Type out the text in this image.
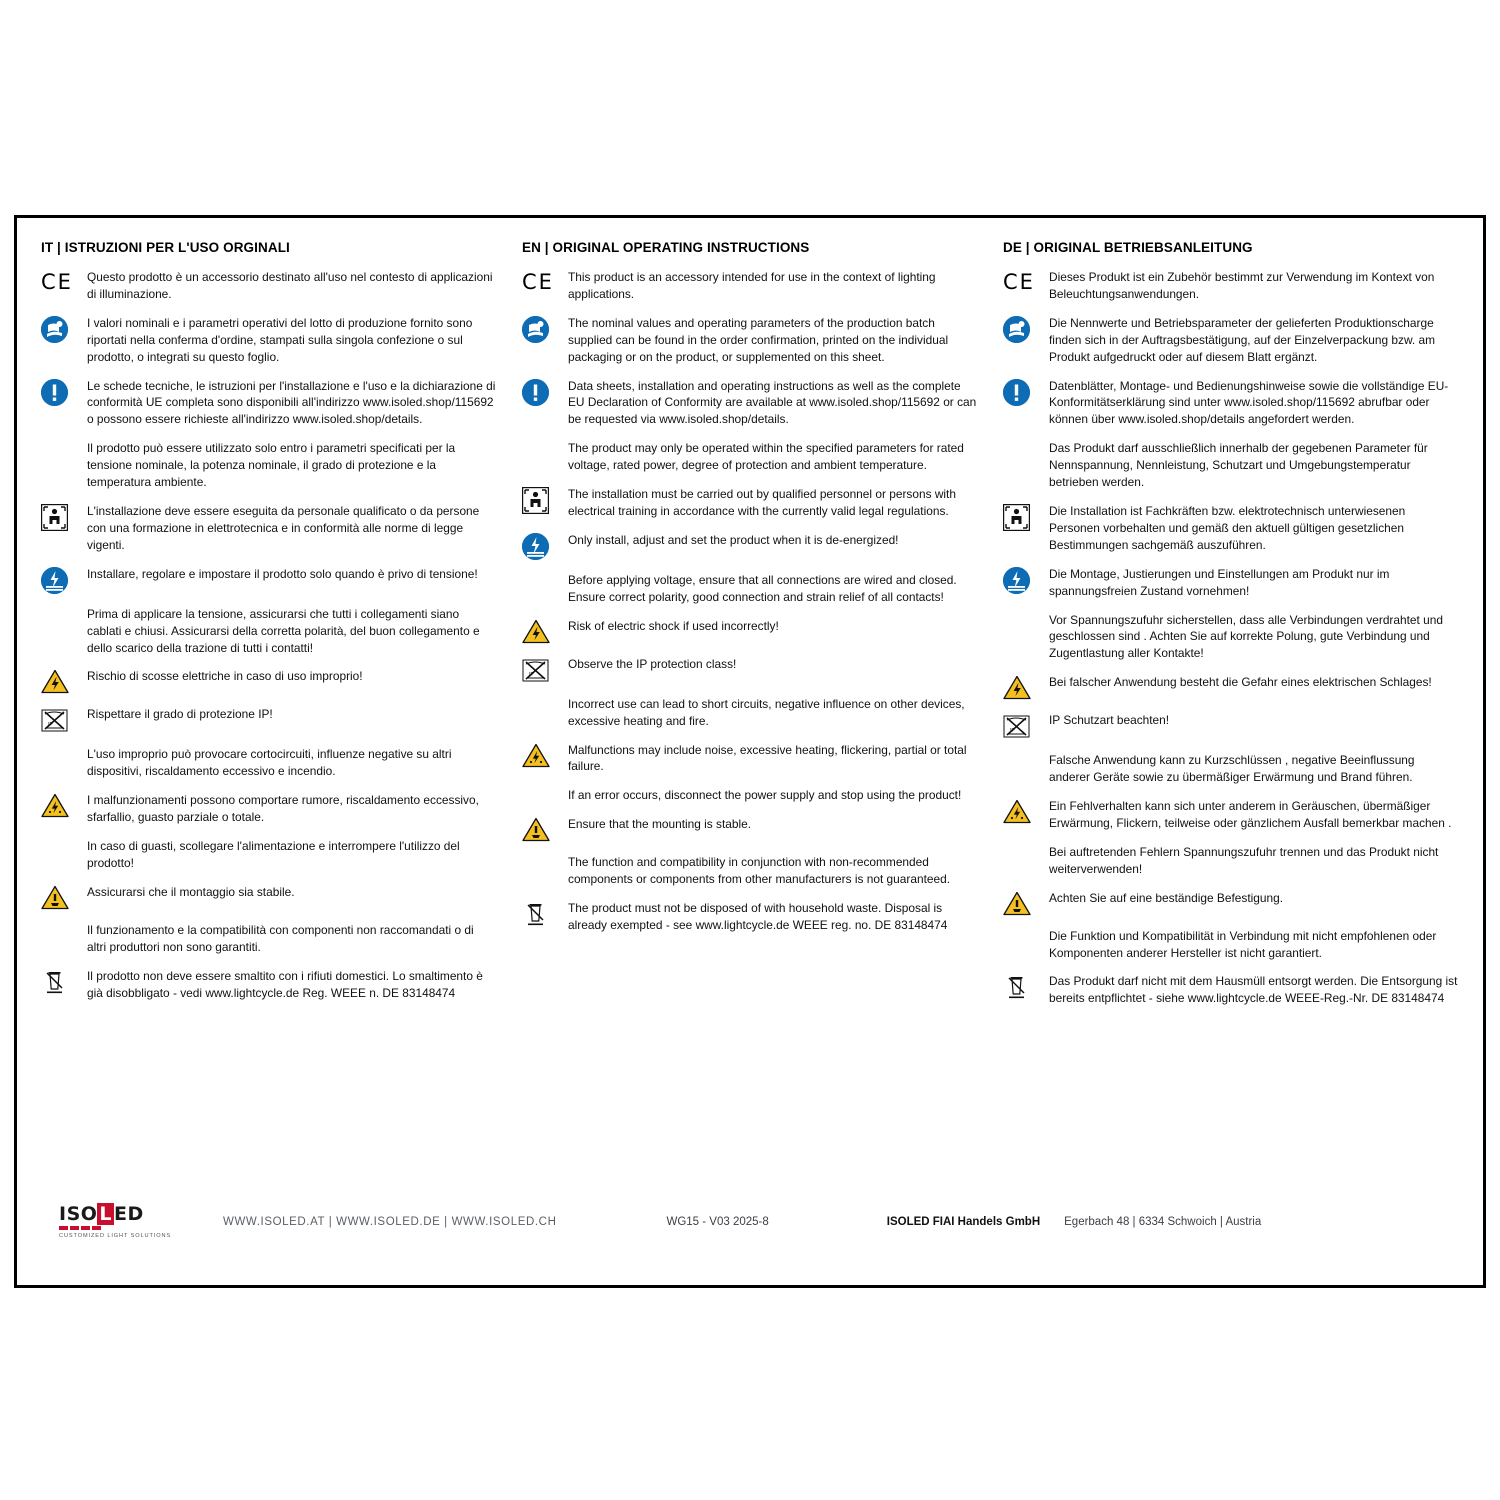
IT | ISTRUZIONI PER L'USO ORGINALI
CE Questo prodotto è un accessorio destinato all'uso nel contesto di applicazioni di illuminazione.
I valori nominali e i parametri operativi del lotto di produzione fornito sono riportati nella conferma d'ordine, stampati sulla singola confezione o sul prodotto, o integrati su questo foglio.
Le schede tecniche, le istruzioni per l'installazione e l'uso e la dichiarazione di conformità UE completa sono disponibili all'indirizzo www.isoled.shop/115692 o possono essere richieste all'indirizzo www.isoled.shop/details.
Il prodotto può essere utilizzato solo entro i parametri specificati per la tensione nominale, la potenza nominale, il grado di protezione e la temperatura ambiente.
L'installazione deve essere eseguita da personale qualificato o da persone con una formazione in elettrotecnica e in conformità alle norme di legge vigenti.
Installare, regolare e impostare il prodotto solo quando è privo di tensione!
Prima di applicare la tensione, assicurarsi che tutti i collegamenti siano cablati e chiusi. Assicurarsi della corretta polarità, del buon collegamento e dello scarico della trazione di tutti i contatti!
Rischio di scosse elettriche in caso di uso improprio!
IP
Rispettare il grado di protezione IP!
L'uso improprio può provocare cortocircuiti, influenze negative su altri dispositivi, riscaldamento eccessivo e incendio.
I malfunzionamenti possono comportare rumore, riscaldamento eccessivo, sfarfallio, guasto parziale o totale.
In caso di guasti, scollegare l'alimentazione e interrompere l'utilizzo del prodotto!
Assicurarsi che il montaggio sia stabile.
Il funzionamento e la compatibilità con componenti non raccomandati o di altri produttori non sono garantiti.
Il prodotto non deve essere smaltito con i rifiuti domestici. Lo smaltimento è già disobbligato - vedi www.lightcycle.de Reg. WEEE n. DE 83148474
EN | ORIGINAL OPERATING INSTRUCTIONS
CE This product is an accessory intended for use in the context of lighting applications.
The nominal values and operating parameters of the production batch supplied can be found in the order confirmation, printed on the individual packaging or on the product, or supplemented on this sheet.
Data sheets, installation and operating instructions as well as the complete EU Declaration of Conformity are available at www.isoled.shop/115692 or can be requested via www.isoled.shop/details.
The product may only be operated within the specified parameters for rated voltage, rated power, degree of protection and ambient temperature.
The installation must be carried out by qualified personnel or persons with electrical training in accordance with the currently valid legal regulations.
Only install, adjust and set the product when it is de-energized!
Before applying voltage, ensure that all connections are wired and closed. Ensure correct polarity, good connection and strain relief of all contacts!
Risk of electric shock if used incorrectly!
IP
Observe the IP protection class!
Incorrect use can lead to short circuits, negative influence on other devices, excessive heating and fire.
Malfunctions may include noise, excessive heating, flickering, partial or total failure.
If an error occurs, disconnect the power supply and stop using the product!
Ensure that the mounting is stable.
The function and compatibility in conjunction with non-recommended components or components from other manufacturers is not guaranteed.
The product must not be disposed of with household waste. Disposal is already exempted - see www.lightcycle.de WEEE reg. no. DE 83148474
DE | ORIGINAL BETRIEBSANLEITUNG
CE Dieses Produkt ist ein Zubehör bestimmt zur Verwendung im Kontext von Beleuchtungsanwendungen.
Die Nennwerte und Betriebsparameter der gelieferten Produktionscharge finden sich in der Auftragsbestätigung, auf der Einzelverpackung bzw. am Produkt aufgedruckt oder auf diesem Blatt ergänzt.
Datenblätter, Montage- und Bedienungshinweise sowie die vollständige EU-Konformitätserklärung sind unter www.isoled.shop/115692 abrufbar oder können über www.isoled.shop/details angefordert werden.
Das Produkt darf ausschließlich innerhalb der gegebenen Parameter für Nennspannung, Nennleistung, Schutzart und Umgebungstemperatur betrieben werden.
Die Installation ist Fachkräften bzw. elektrotechnisch unterwiesenen Personen vorbehalten und gemäß den aktuell gültigen gesetzlichen Bestimmungen sachgemäß auszuführen.
Die Montage, Justierungen und Einstellungen am Produkt nur im spannungsfreien Zustand vornehmen!
Vor Spannungszufuhr sicherstellen, dass alle Verbindungen verdrahtet und geschlossen sind . Achten Sie auf korrekte Polung, gute Verbindung und Zugentlastung aller Kontakte!
Bei falscher Anwendung besteht die Gefahr eines elektrischen Schlages!
IP
IP Schutzart beachten!
Falsche Anwendung kann zu Kurzschlüssen , negative Beeinflussung anderer Geräte sowie zu übermäßiger Erwärmung und Brand führen.
Ein Fehlverhalten kann sich unter anderem in Geräuschen, übermäßiger Erwärmung, Flickern, teilweise oder gänzlichem Ausfall bemerkbar machen .
Bei auftretenden Fehlern Spannungszufuhr trennen und das Produkt nicht weiterverwenden!
Achten Sie auf eine beständige Befestigung.
Die Funktion und Kompatibilität in Verbindung mit nicht empfohlenen oder Komponenten anderer Hersteller ist nicht garantiert.
Das Produkt darf nicht mit dem Hausmüll entsorgt werden. Die Entsorgung ist bereits entpflichtet - siehe www.lightcycle.de WEEE-Reg.-Nr. DE 83148474
ISO L ED
CUSTOMIZED LIGHT SOLUTIONS
WWW.ISOLED.AT | WWW.ISOLED.DE | WWW.ISOLED.CH	WG15 - V03 2025-8	ISOLED FIAI Handels GmbH Egerbach 48 | 6334 Schwoich | Austria
